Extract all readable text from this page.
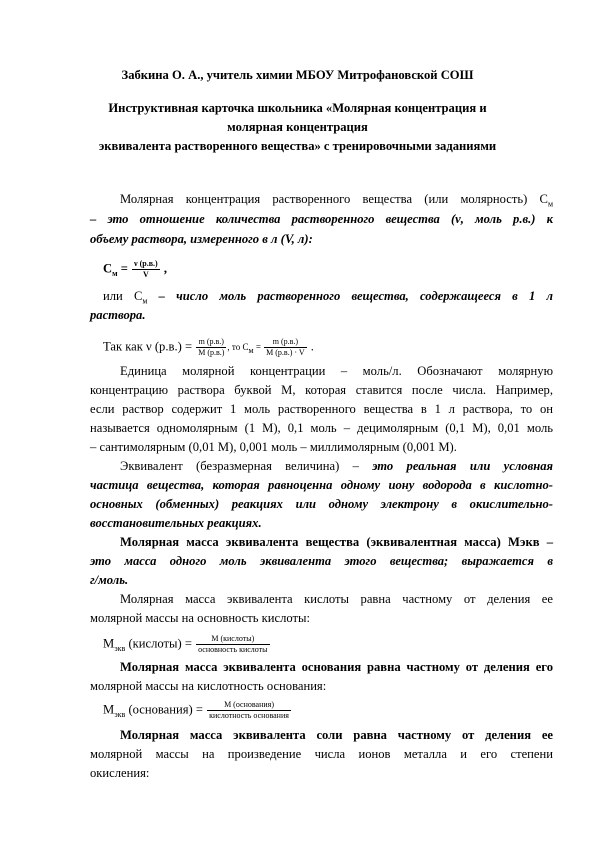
Забкина О. А., учитель химии МБОУ Митрофановской СОШ
Инструктивная карточка школьника «Молярная концентрация и
молярная концентрация
эквивалента растворенного вещества» с тренировочными заданиями
Молярная концентрация растворенного вещества (или молярность) $C_м$
– это отношение количества растворенного вещества (ν, моль р.в.) к
объему раствора, измеренного в л (V, л):
$C_м = \frac{\nu (р.в.)}{V}$ ,
или $C_м$ – число моль растворенного вещества, содержащееся в 1 л
раствора.
Так как ν $(р.в.) = \frac{m (р.в.)}{M (р.в.)}$ , то $C_м = \frac{m (р.в.)}{M (р.в.) \cdot V}$ .
Единица молярной концентрации – моль/л. Обозначают молярную
концентрацию раствора буквой М, которая ставится после числа. Например,
если раствор содержит 1 моль растворенного вещества в 1 л раствора, то он
называется одномолярным (1 М), 0,1 моль – децимолярным (0,1 М), 0,01 моль
– сантимолярным (0,01 М), 0,001 моль – миллимолярным (0,001 М).
Эквивалент (безразмерная величина) – это реальная или условная
частица вещества, которая равноценна одному иону водорода в кислотно-
основных (обменных) реакциях или одному электрону в окислительно-
восстановительных реакциях.
Молярная масса эквивалента вещества (эквивалентная масса) Мэкв –
это масса одного моль эквивалента этого вещества; выражается в
г/моль.
Молярная масса эквивалента кислоты равна частному от деления ее
молярной массы на основность кислоты:
$M_{экв}$ (кислоты) = $\frac{\text{M (кислоты)}}{\text{основность кислоты}}$
Молярная масса эквивалента основания равна частному от деления его
молярной массы на кислотность основания:
$M_{экв}$ (основания) = $\frac{\text{M (основания)}}{\text{кислотность основания}}$
Молярная масса эквивалента соли равна частному от деления ее
молярной массы на произведение числа ионов металла и его степени
окисления:
